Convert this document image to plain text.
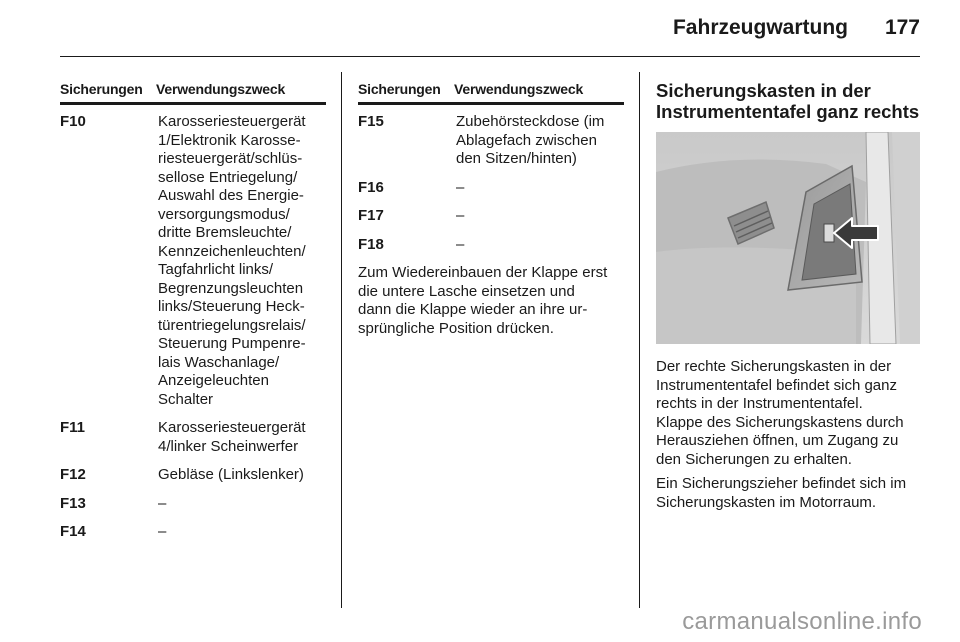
Fahrzeugwartung 177
Sicherungen Verwendungszweck
F10	Karosseriesteuergerät
1/Elektronik Karosse-
riesteuergerät/schlüs-
sellose Entriegelung/
Auswahl des Energie-
versorgungsmodus/
dritte Bremsleuchte/
Kennzeichenleuchten/
Tagfahrlicht links/
Begrenzungsleuchten
links/Steuerung Heck-
türentriegelungsrelais/
Steuerung Pumpenre-
lais Waschanlage/
Anzeigeleuchten
Schalter
F11	Karosseriesteuergerät
4/linker Scheinwerfer
F12	Gebläse (Linkslenker)
F13	–
F14	–
Sicherungen Verwendungszweck
F15	Zubehörsteckdose (im
Ablagefach zwischen
den Sitzen/hinten)
F16	–
F17	–
F18	–

Zum Wiedereinbauen der Klappe erst
die untere Lasche einsetzen und
dann die Klappe wieder an ihre ur-
sprüngliche Position drücken.

Sicherungskasten in der
Instrumententafel ganz rechts

Der rechte Sicherungskasten in der
Instrumententafel befindet sich ganz
rechts in der Instrumententafel.
Klappe des Sicherungskastens durch
Herausziehen öffnen, um Zugang zu
den Sicherungen zu erhalten.

Ein Sicherungszieher befindet sich im
Sicherungskasten im Motorraum.

carmanualsonline.info
